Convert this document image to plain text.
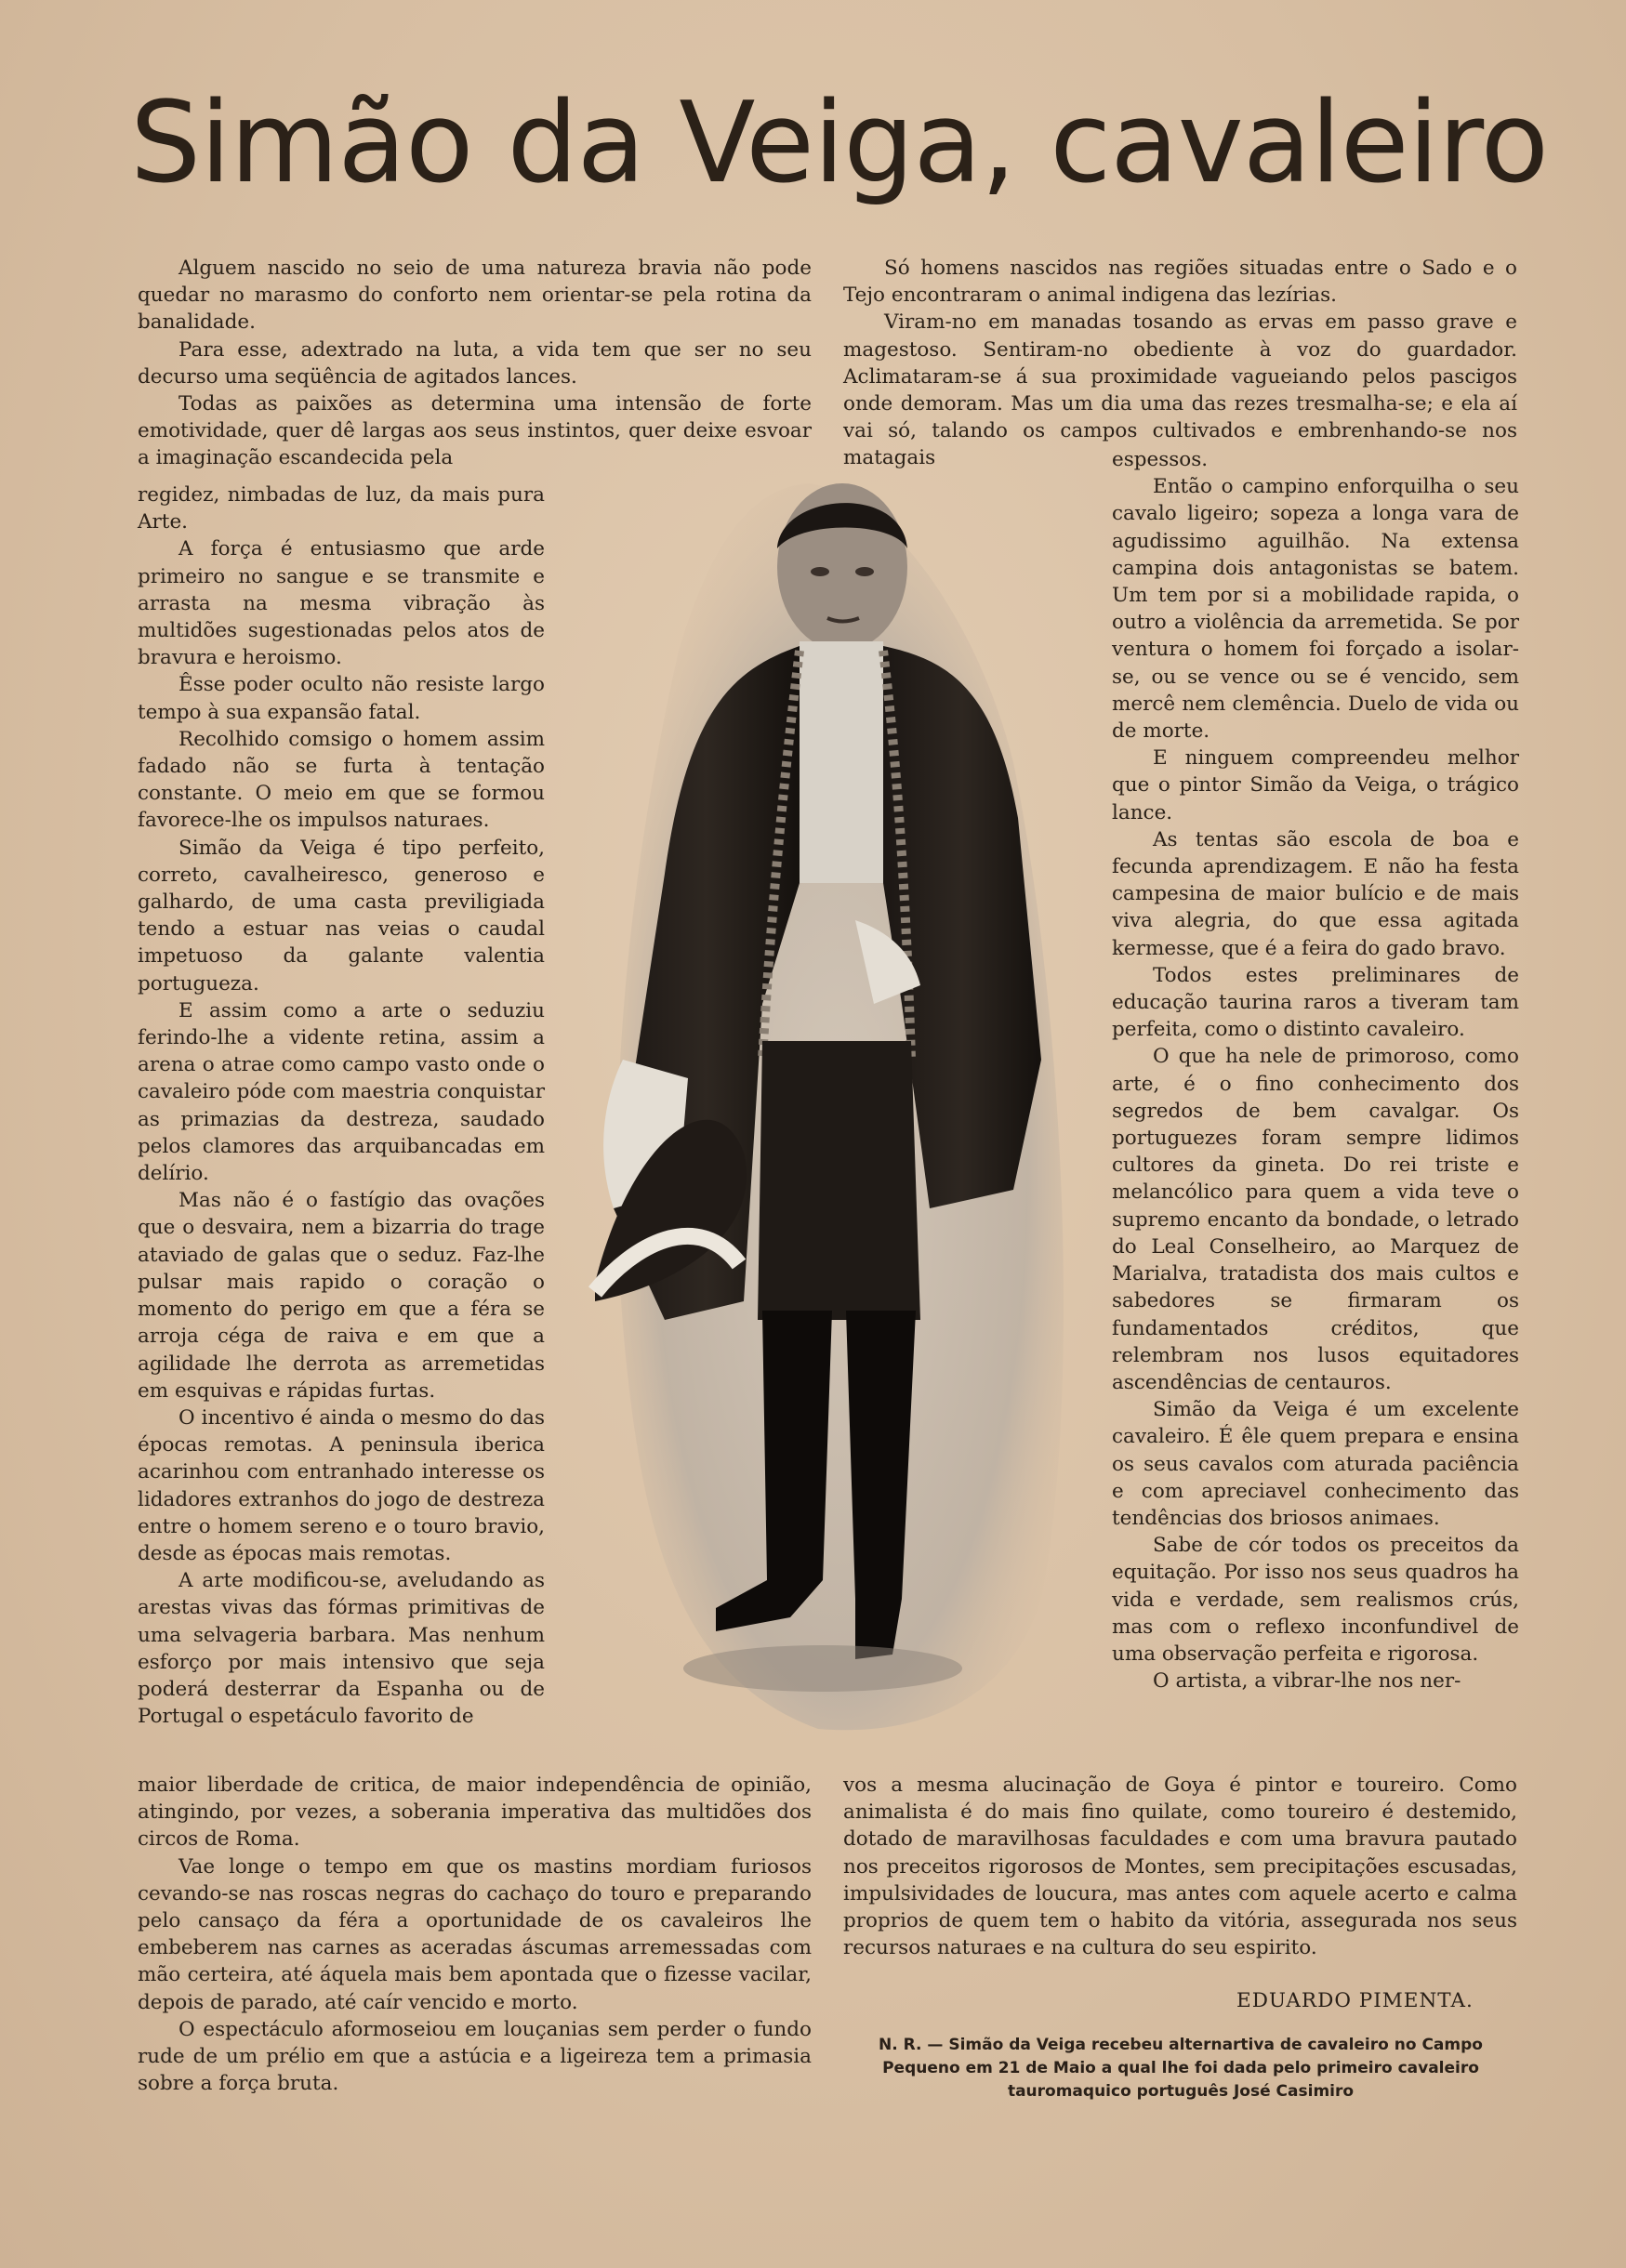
Simão da Veiga, cavaleiro

Alguem nascido no seio de uma natureza bravia não pode quedar no marasmo do conforto nem orientar-se pela rotina da banalidade.

Para esse, adextrado na luta, a vida tem que ser no seu decurso uma seqüência de agitados lances.

Todas as paixões as determina uma intensão de forte emotividade, quer dê largas aos seus instintos, quer deixe esvoar a imaginação escandecida pela

regidez, nimbadas de luz, da mais pura Arte.

A força é entusiasmo que arde primeiro no sangue e se transmite e arrasta na mesma vibração às multidões sugestionadas pelos atos de bravura e heroismo.

Êsse poder oculto não resiste largo tempo à sua expansão fatal.

Recolhido comsigo o homem assim fadado não se furta à tentação constante. O meio em que se formou favorece-lhe os impulsos naturaes.

Simão da Veiga é tipo perfeito, correto, cavalheiresco, generoso e galhardo, de uma casta previligiada tendo a estuar nas veias o caudal impetuoso da galante valentia portugueza.

E assim como a arte o seduziu ferindo-lhe a vidente retina, assim a arena o atrae como campo vasto onde o cavaleiro póde com maestria conquistar as primazias da destreza, saudado pelos clamores das arquibancadas em delírio.

Mas não é o fastígio das ovações que o desvaira, nem a bizarria do trage ataviado de galas que o seduz. Faz-lhe pulsar mais rapido o coração o momento do perigo em que a féra se arroja céga de raiva e em que a agilidade lhe derrota as arremetidas em esquivas e rápidas furtas.

O incentivo é ainda o mesmo do das épocas remotas. A peninsula iberica acarinhou com entranhado interesse os lidadores extranhos do jogo de destreza entre o homem sereno e o touro bravio, desde as épocas mais remotas.

A arte modificou-se, aveludando as arestas vivas das fórmas primitivas de uma selvageria barbara. Mas nenhum esforço por mais intensivo que seja poderá desterrar da Espanha ou de Portugal o espetáculo favorito de

maior liberdade de critica, de maior independência de opinião, atingindo, por vezes, a soberania imperativa das multidões dos circos de Roma.

Vae longe o tempo em que os mastins mordiam furiosos cevando-se nas roscas negras do cachaço do touro e preparando pelo cansaço da féra a oportunidade de os cavaleiros lhe embeberem nas carnes as aceradas áscumas arremessadas com mão certeira, até áquela mais bem apontada que o fizesse vacilar, depois de parado, até caír vencido e morto.

O espectáculo aformoseiou em louçanias sem perder o fundo rude de um prélio em que a astúcia e a ligeireza tem a primasia sobre a força bruta.

Só homens nascidos nas regiões situadas entre o Sado e o Tejo encontraram o animal indigena das lezírias.

Viram-no em manadas tosando as ervas em passo grave e magestoso. Sentiram-no obediente à voz do guardador. Aclimataram-se á sua proximidade vagueiando pelos pascigos onde demoram. Mas um dia uma das rezes tresmalha-se; e ela aí vai só, talando os campos cultivados e embrenhando-se nos matagais	espessos.

Então o campino enforquilha o seu cavalo ligeiro; sopeza a longa vara de agudissimo aguilhão. Na extensa campina dois antagonistas se batem. Um tem por si a mobilidade rapida, o outro a violência da arremetida. Se por ventura o homem foi forçado a isolar-se, ou se vence ou se é vencido, sem mercê nem clemência. Duelo de vida ou de morte.

E ninguem compreendeu melhor que o pintor Simão da Veiga, o trágico lance.

As tentas são escola de boa e fecunda aprendizagem. E não ha festa campesina de maior bulício e de mais viva alegria, do que essa agitada kermesse, que é a feira do gado bravo.

Todos estes preliminares de educação taurina raros a tiveram tam perfeita, como o distinto cavaleiro.

O que ha nele de primoroso, como arte, é o fino conhecimento dos segredos de bem cavalgar. Os portuguezes foram sempre lidimos cultores da gineta. Do rei triste e melancólico para quem a vida teve o supremo encanto da bondade, o letrado do Leal Conselheiro, ao Marquez de Marialva, tratadista dos mais cultos e sabedores se firmaram os fundamentados créditos, que relembram nos lusos equitadores ascendências de centauros.

Simão da Veiga é um excelente cavaleiro. É êle quem prepara e ensina os seus cavalos com aturada paciência e com apreciavel conhecimento das tendências dos briosos animaes.

Sabe de cór todos os preceitos da equitação. Por isso nos seus quadros ha vida e verdade, sem realismos crús, mas com o reflexo inconfundivel de uma observação perfeita e rigorosa.

O artista, a vibrar-lhe nos ner-

vos a mesma alucinação de Goya é pintor e toureiro. Como animalista é do mais fino quilate, como toureiro é destemido, dotado de maravilhosas faculdades e com uma bravura pautado nos preceitos rigorosos de Montes, sem precipitações escusadas, impulsividades de loucura, mas antes com aquele acerto e calma proprios de quem tem o habito da vitória, assegurada nos seus recursos naturaes e na cultura do seu espirito.

EDUARDO PIMENTA.
N. R. — Simão da Veiga recebeu alternartiva de cavaleiro no Campo Pequeno em 21 de Maio a qual lhe foi dada pelo primeiro cavaleiro tauromaquico português José Casimiro
